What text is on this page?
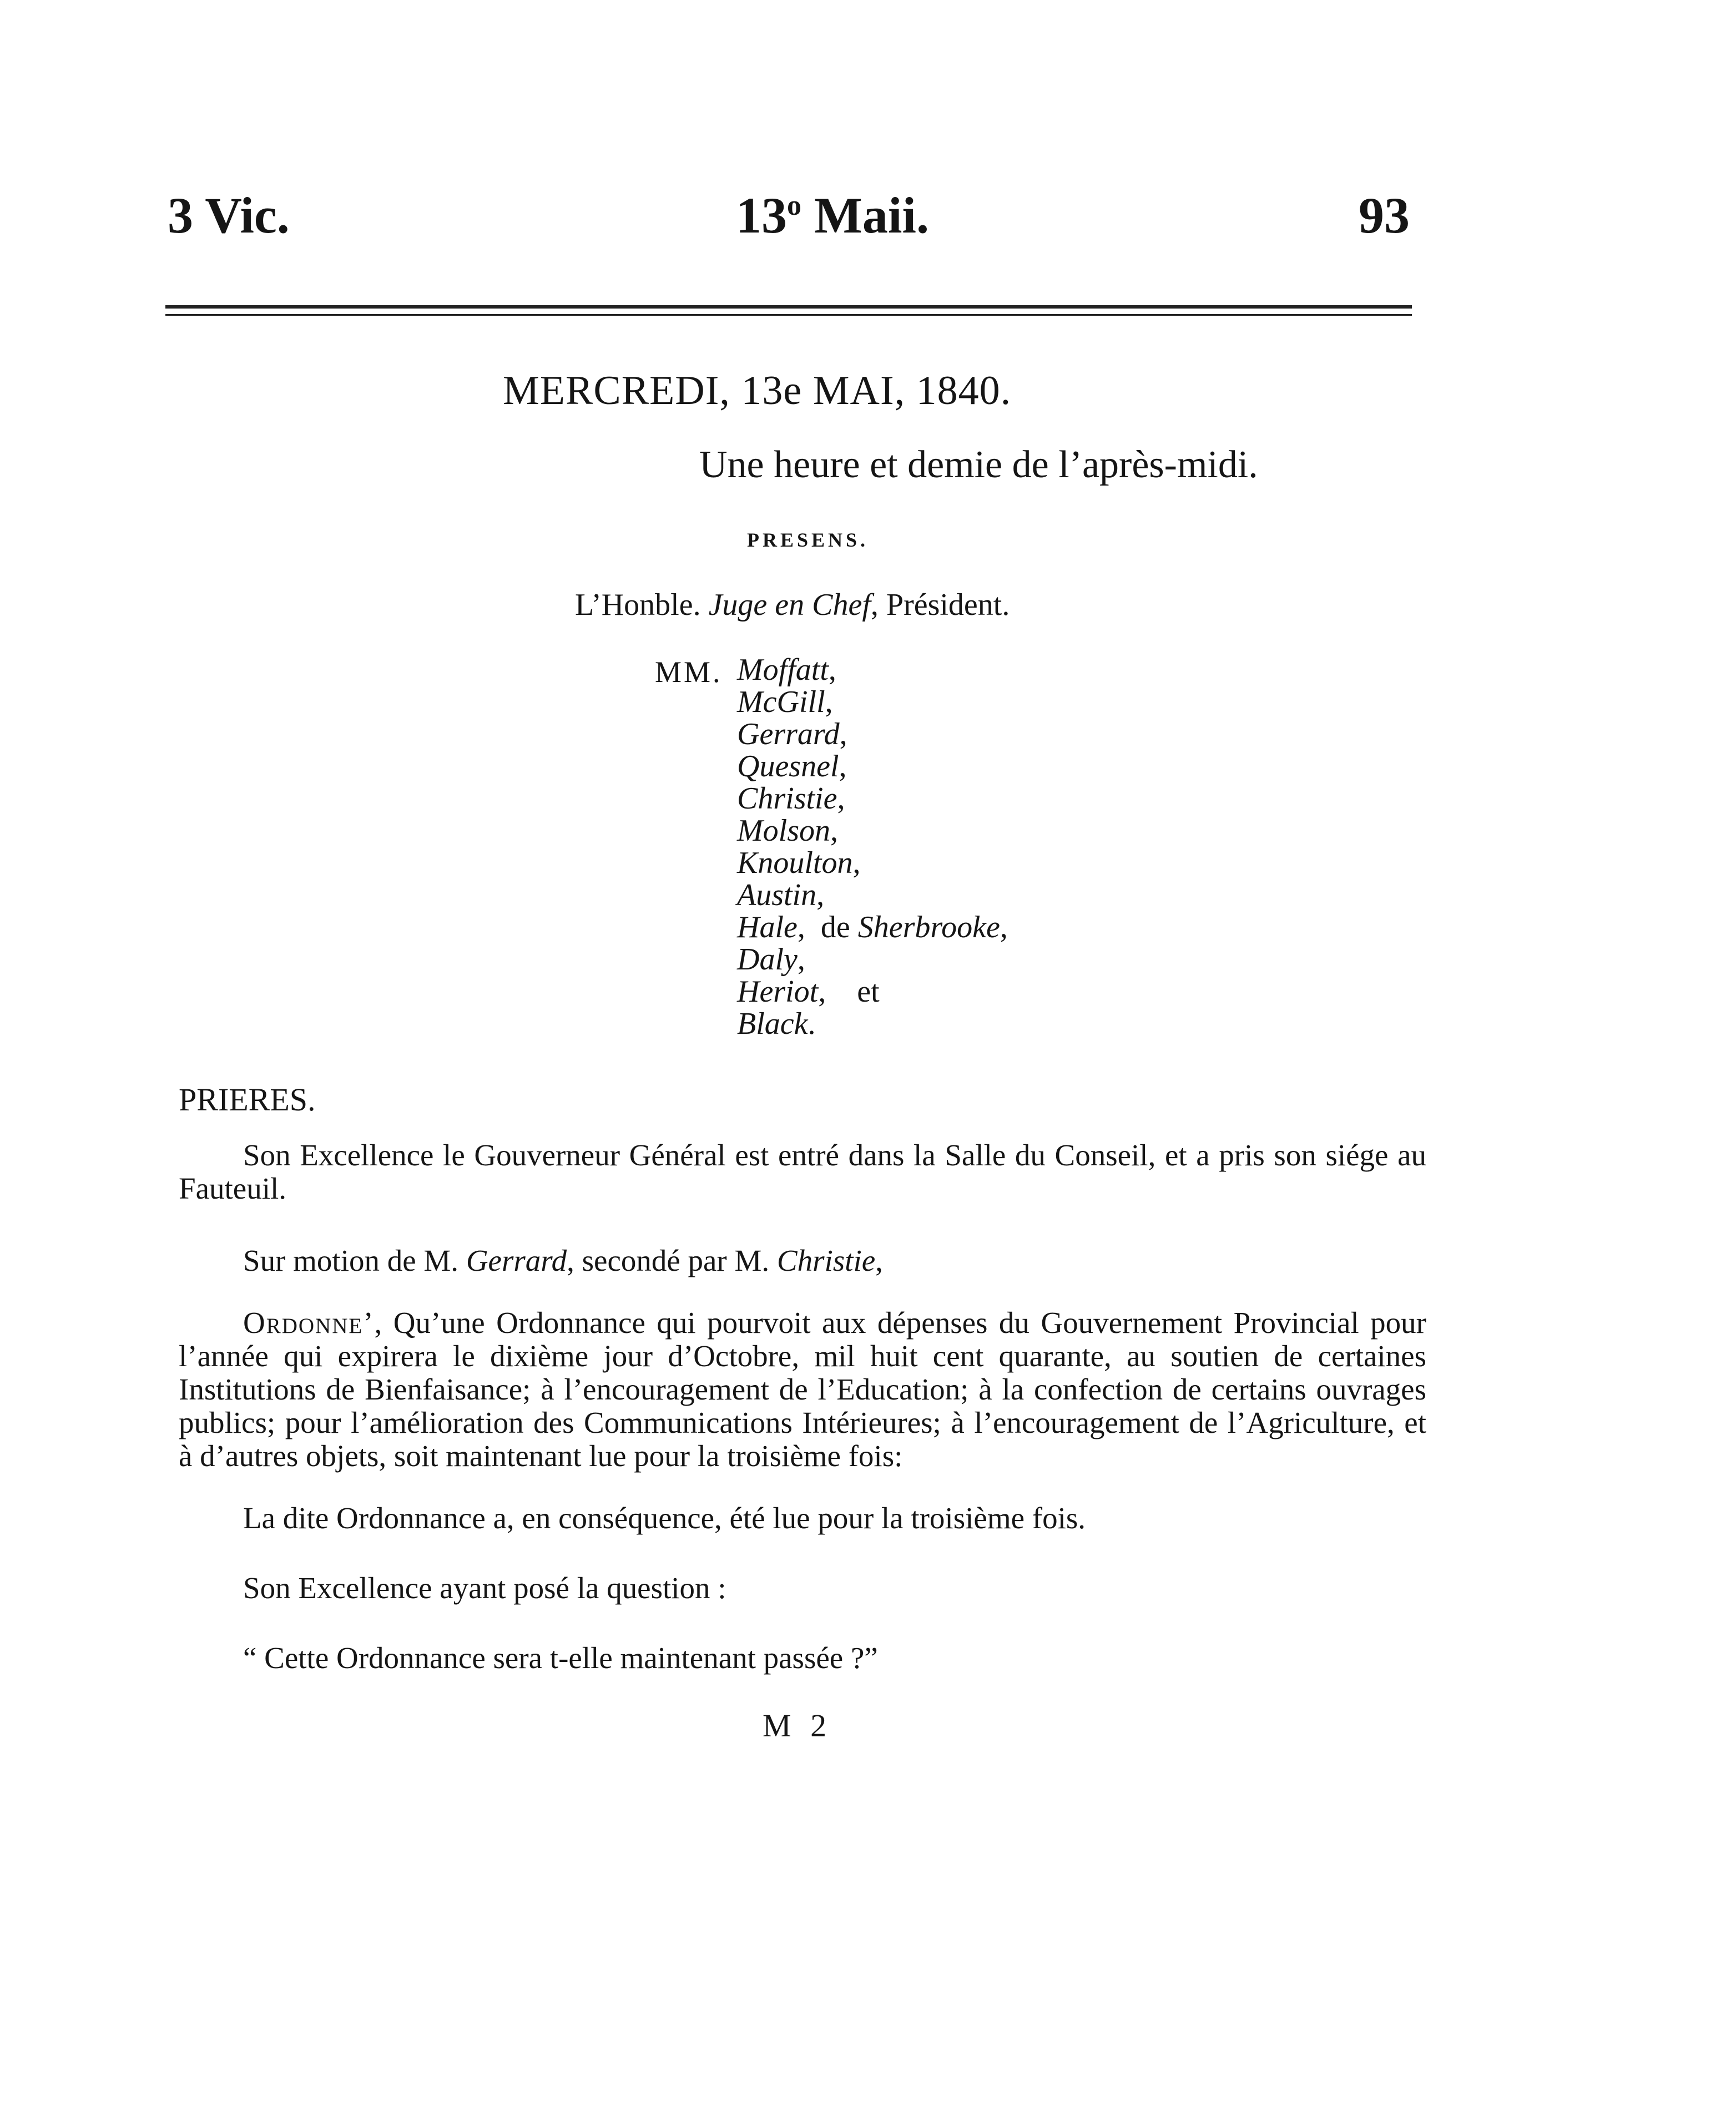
3 Vic.	13$^o$ Maii.	93
MERCREDI, 13e MAI, 1840.
Une heure et demie de l’après-midi.
PRESENS.
L’Honble. Juge en Chef, Président.
MM. Moffatt,
McGill,
Gerrard,
Quesnel,
Christie,
Molson,
Knoulton,
Austin,
Hale,  de Sherbrooke,
Daly,
Heriot,    et
Black.
PRIERES.
Son Excellence le Gouverneur Général est entré dans la Salle du Conseil, et a pris son siége au Fauteuil.
Sur motion de M. Gerrard, secondé par M. Christie,
Ordonne’, Qu’une Ordonnance qui pourvoit aux dépenses du Gouvernement Provincial pour l’année qui expirera le dixième jour d’Octobre, mil huit cent quarante, au soutien de certaines Institutions de Bienfaisance; à l’encouragement de l’Education; à la confection de certains ouvrages publics; pour l’amélioration des Communications Intérieures; à l’encouragement de l’Agriculture, et à d’autres objets, soit maintenant lue pour la troisième fois:
La dite Ordonnance a, en conséquence, été lue pour la troisième fois.
Son Excellence ayant posé la question :
“ Cette Ordonnance sera t-elle maintenant passée ?”
M 2
